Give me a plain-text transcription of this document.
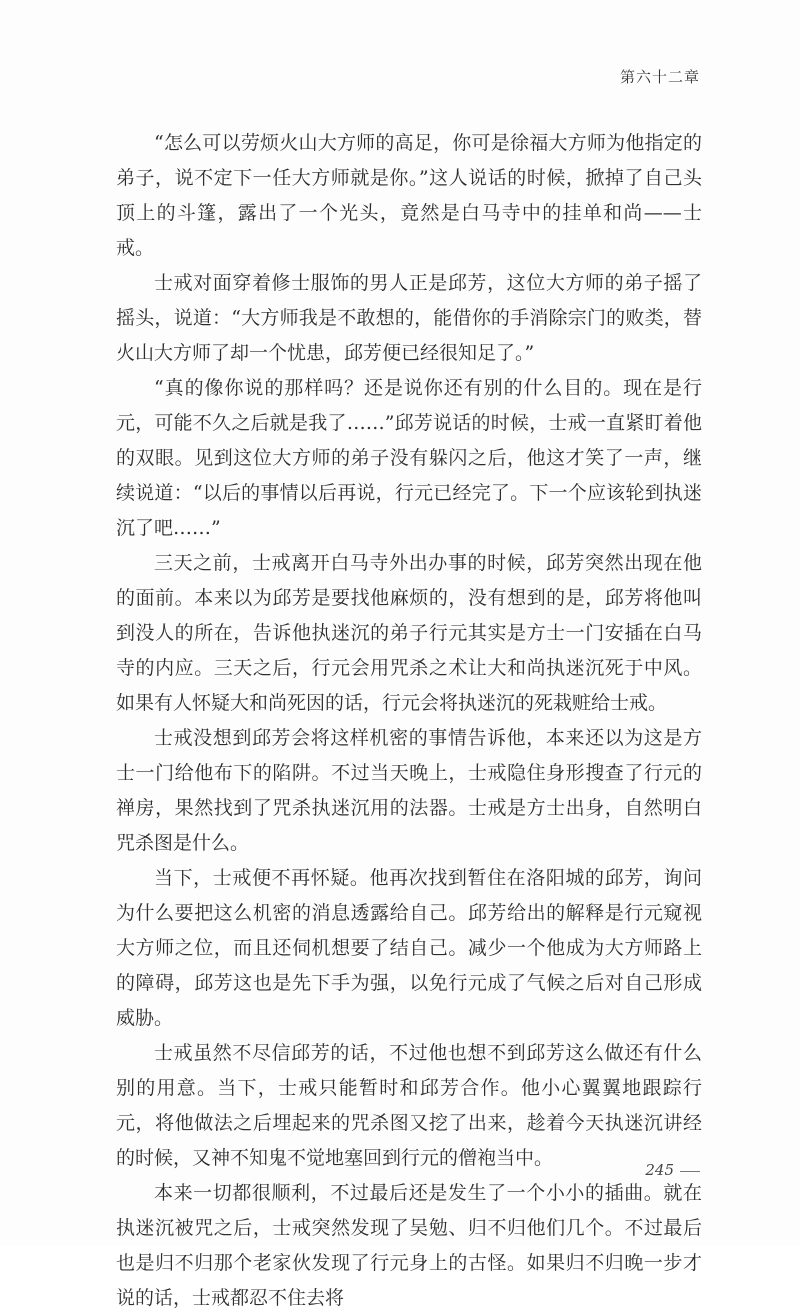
第六十二章

“怎么可以劳烦火山大方师的高足，你可是徐福大方师为他指定的弟子，说不定下一任大方师就是你。”这人说话的时候，掀掉了自己头顶上的斗篷，露出了一个光头，竟然是白马寺中的挂单和尚——士戒。

士戒对面穿着修士服饰的男人正是邱芳，这位大方师的弟子摇了摇头，说道：“大方师我是不敢想的，能借你的手消除宗门的败类，替火山大方师了却一个忧患，邱芳便已经很知足了。”

“真的像你说的那样吗？还是说你还有别的什么目的。现在是行元，可能不久之后就是我了……”邱芳说话的时候，士戒一直紧盯着他的双眼。见到这位大方师的弟子没有躲闪之后，他这才笑了一声，继续说道：“以后的事情以后再说，行元已经完了。下一个应该轮到执迷沉了吧……”

三天之前，士戒离开白马寺外出办事的时候，邱芳突然出现在他的面前。本来以为邱芳是要找他麻烦的，没有想到的是，邱芳将他叫到没人的所在，告诉他执迷沉的弟子行元其实是方士一门安插在白马寺的内应。三天之后，行元会用咒杀之术让大和尚执迷沉死于中风。如果有人怀疑大和尚死因的话，行元会将执迷沉的死栽赃给士戒。

士戒没想到邱芳会将这样机密的事情告诉他，本来还以为这是方士一门给他布下的陷阱。不过当天晚上，士戒隐住身形搜查了行元的禅房，果然找到了咒杀执迷沉用的法器。士戒是方士出身，自然明白咒杀图是什么。

当下，士戒便不再怀疑。他再次找到暂住在洛阳城的邱芳，询问为什么要把这么机密的消息透露给自己。邱芳给出的解释是行元窥视大方师之位，而且还伺机想要了结自己。减少一个他成为大方师路上的障碍，邱芳这也是先下手为强，以免行元成了气候之后对自己形成威胁。

士戒虽然不尽信邱芳的话，不过他也想不到邱芳这么做还有什么别的用意。当下，士戒只能暂时和邱芳合作。他小心翼翼地跟踪行元，将他做法之后埋起来的咒杀图又挖了出来，趁着今天执迷沉讲经的时候，又神不知鬼不觉地塞回到行元的僧袍当中。

本来一切都很顺利，不过最后还是发生了一个小小的插曲。就在执迷沉被咒之后，士戒突然发现了吴勉、归不归他们几个。不过最后也是归不归那个老家伙发现了行元身上的古怪。如果归不归晚一步才说的话，士戒都忍不住去将

245
